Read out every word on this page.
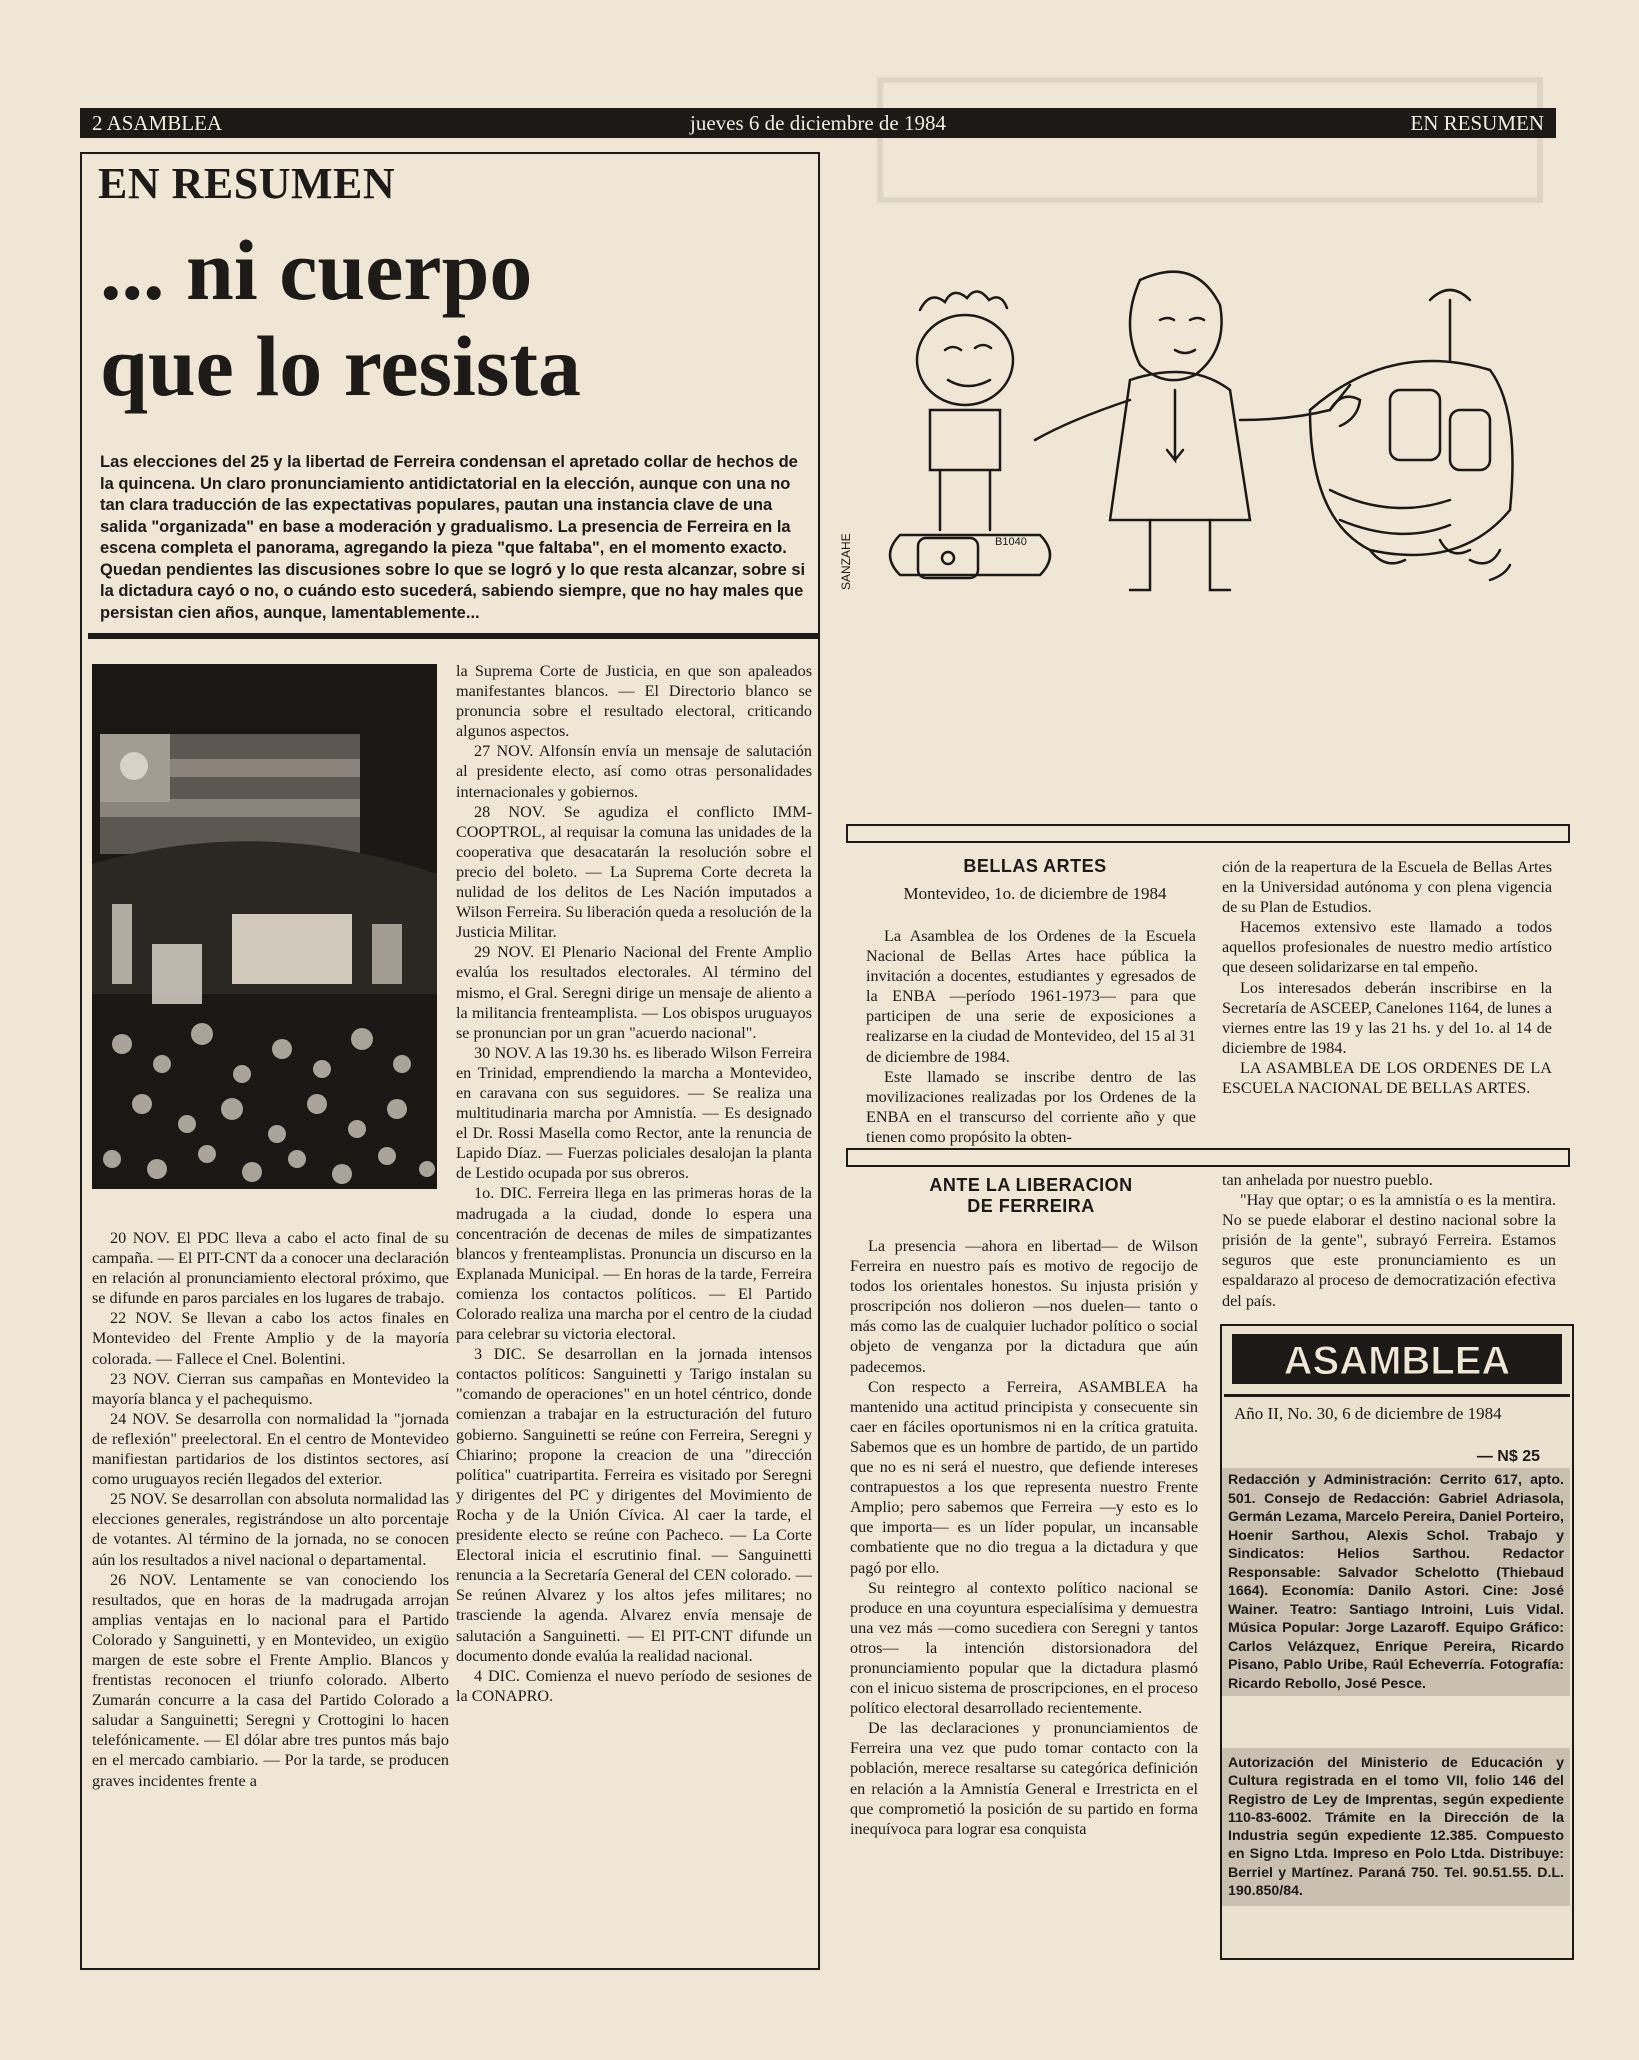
jueves 6 de diciembre de 1984
2 ASAMBLEA	EN RESUMEN
EN RESUMEN
... ni cuerpo
que lo resista

Las elecciones del 25 y la libertad de Ferreira condensan el apretado collar de hechos de la quincena. Un claro pronunciamiento antidictatorial en la elección, aunque con una no tan clara traducción de las expectativas populares, pautan una instancia clave de una salida "organizada" en base a moderación y gradualismo. La presencia de Ferreira en la escena completa el panorama, agregando la pieza "que faltaba", en el momento exacto.

Quedan pendientes las discusiones sobre lo que se logró y lo que resta alcanzar, sobre si la dictadura cayó o no, o cuándo esto sucederá, sabiendo siempre, que no hay males que persistan cien años, aunque, lamentablemente...

20 NOV. El PDC lleva a cabo el acto final de su campaña. — El PIT-CNT da a conocer una declaración en relación al pronunciamiento electoral próximo, que se difunde en paros parciales en los lugares de trabajo.

22 NOV. Se llevan a cabo los actos finales en Montevideo del Frente Amplio y de la mayoría colorada. — Fallece el Cnel. Bolentini.

23 NOV. Cierran sus campañas en Montevideo la mayoría blanca y el pachequismo.

24 NOV. Se desarrolla con normalidad la "jornada de reflexión" preelectoral. En el centro de Montevideo manifiestan partidarios de los distintos sectores, así como uruguayos recién llegados del exterior.

25 NOV. Se desarrollan con absoluta normalidad las elecciones generales, registrándose un alto porcentaje de votantes. Al término de la jornada, no se conocen aún los resultados a nivel nacional o departamental.

26 NOV. Lentamente se van conociendo los resultados, que en horas de la madrugada arrojan amplias ventajas en lo nacional para el Partido Colorado y Sanguinetti, y en Montevideo, un exigüo margen de este sobre el Frente Amplio. Blancos y frentistas reconocen el triunfo colorado. Alberto Zumarán concurre a la casa del Partido Colorado a saludar a Sanguinetti; Seregni y Crottogini lo hacen telefónicamente. — El dólar abre tres puntos más bajo en el mercado cambiario. — Por la tarde, se producen graves incidentes frente a

la Suprema Corte de Justicia, en que son apaleados manifestantes blancos. — El Directorio blanco se pronuncia sobre el resultado electoral, criticando algunos aspectos.

27 NOV. Alfonsín envía un mensaje de salutación al presidente electo, así como otras personalidades internacionales y gobiernos.

28 NOV. Se agudiza el conflicto IMM-COOPTROL, al requisar la comuna las unidades de la cooperativa que desacatarán la resolución sobre el precio del boleto. — La Suprema Corte decreta la nulidad de los delitos de Les Nación imputados a Wilson Ferreira. Su liberación queda a resolución de la Justicia Militar.

29 NOV. El Plenario Nacional del Frente Amplio evalúa los resultados electorales. Al término del mismo, el Gral. Seregni dirige un mensaje de aliento a la militancia frenteamplista. — Los obispos uruguayos se pronuncian por un gran "acuerdo nacional".

30 NOV. A las 19.30 hs. es liberado Wilson Ferreira en Trinidad, emprendiendo la marcha a Montevideo, en caravana con sus seguidores. — Se realiza una multitudinaria marcha por Amnistía. — Es designado el Dr. Rossi Masella como Rector, ante la renuncia de Lapido Díaz. — Fuerzas policiales desalojan la planta de Lestido ocupada por sus obreros.

1o. DIC. Ferreira llega en las primeras horas de la madrugada a la ciudad, donde lo espera una concentración de decenas de miles de simpatizantes blancos y frenteamplistas. Pronuncia un discurso en la Explanada Municipal. — En horas de la tarde, Ferreira comienza los contactos políticos. — El Partido Colorado realiza una marcha por el centro de la ciudad para celebrar su victoria electoral.

3 DIC. Se desarrollan en la jornada intensos contactos políticos: Sanguinetti y Tarigo instalan su "comando de operaciones" en un hotel céntrico, donde comienzan a trabajar en la estructuración del futuro gobierno. Sanguinetti se reúne con Ferreira, Seregni y Chiarino; propone la creacion de una "dirección política" cuatripartita. Ferreira es visitado por Seregni y dirigentes del PC y dirigentes del Movimiento de Rocha y de la Unión Cívica. Al caer la tarde, el presidente electo se reúne con Pacheco. — La Corte Electoral inicia el escrutinio final. — Sanguinetti renuncia a la Secretaría General del CEN colorado. — Se reúnen Alvarez y los altos jefes militares; no trasciende la agenda. Alvarez envía mensaje de salutación a Sanguinetti. — El PIT-CNT difunde un documento donde evalúa la realidad nacional.

4 DIC. Comienza el nuevo período de sesiones de la CONAPRO.

SANZAHE	B1040
BELLAS ARTES
Montevideo, 1o. de diciembre de 1984

La Asamblea de los Ordenes de la Escuela Nacional de Bellas Artes hace pública la invitación a docentes, estudiantes y egresados de la ENBA —período 1961-1973— para que participen de una serie de exposiciones a realizarse en la ciudad de Montevideo, del 15 al 31 de diciembre de 1984.

Este llamado se inscribe dentro de las movilizaciones realizadas por los Ordenes de la ENBA en el transcurso del corriente año y que tienen como propósito la obten-

ción de la reapertura de la Escuela de Bellas Artes en la Universidad autónoma y con plena vigencia de su Plan de Estudios.

Hacemos extensivo este llamado a todos aquellos profesionales de nuestro medio artístico que deseen solidarizarse en tal empeño.

Los interesados deberán inscribirse en la Secretaría de ASCEEP, Canelones 1164, de lunes a viernes entre las 19 y las 21 hs. y del 1o. al 14 de diciembre de 1984.

LA ASAMBLEA DE LOS ORDENES DE LA ESCUELA NACIONAL DE BELLAS ARTES.

ANTE LA LIBERACION
DE FERREIRA

La presencia —ahora en libertad— de Wilson Ferreira en nuestro país es motivo de regocijo de todos los orientales honestos. Su injusta prisión y proscripción nos dolieron —nos duelen— tanto o más como las de cualquier luchador político o social objeto de venganza por la dictadura que aún padecemos.

Con respecto a Ferreira, ASAMBLEA ha mantenido una actitud principista y consecuente sin caer en fáciles oportunismos ni en la crítica gratuita. Sabemos que es un hombre de partido, de un partido que no es ni será el nuestro, que defiende intereses contrapuestos a los que representa nuestro Frente Amplio; pero sabemos que Ferreira —y esto es lo que importa— es un líder popular, un incansable combatiente que no dio tregua a la dictadura y que pagó por ello.

Su reintegro al contexto político nacional se produce en una coyuntura especialísima y demuestra una vez más —como sucediera con Seregni y tantos otros— la intención distorsionadora del pronunciamiento popular que la dictadura plasmó con el inicuo sistema de proscripciones, en el proceso político electoral desarrollado recientemente.

De las declaraciones y pronunciamientos de Ferreira una vez que pudo tomar contacto con la población, merece resaltarse su categórica definición en relación a la Amnistía General e Irrestricta en el que comprometió la posición de su partido en forma inequívoca para lograr esa conquista

tan anhelada por nuestro pueblo.

"Hay que optar; o es la amnistía o es la mentira. No se puede elaborar el destino nacional sobre la prisión de la gente", subrayó Ferreira. Estamos seguros que este pronunciamiento es un espaldarazo al proceso de democratización efectiva del país.

ASAMBLEA
Año II, No. 30, 6 de diciembre de 1984
— N$ 25
Redacción y Administración: Cerrito 617, apto. 501. Consejo de Redacción: Gabriel Adriasola, Germán Lezama, Marcelo Pereira, Daniel Porteiro, Hoenir Sarthou, Alexis Schol. Trabajo y Sindicatos: Helios Sarthou. Redactor Responsable: Salvador Schelotto (Thiebaud 1664). Economía: Danilo Astori. Cine: José Wainer. Teatro: Santiago Introini, Luis Vidal. Música Popular: Jorge Lazaroff. Equipo Gráfico: Carlos Velázquez, Enrique Pereira, Ricardo Pisano, Pablo Uribe, Raúl Echeverría. Fotografía: Ricardo Rebollo, José Pesce.
Autorización del Ministerio de Educación y Cultura registrada en el tomo VII, folio 146 del Registro de Ley de Imprentas, según expediente 110-83-6002. Trámite en la Dirección de la Industria según expediente 12.385. Compuesto en Signo Ltda. Impreso en Polo Ltda. Distribuye: Berriel y Martínez. Paraná 750. Tel. 90.51.55. D.L. 190.850/84.
